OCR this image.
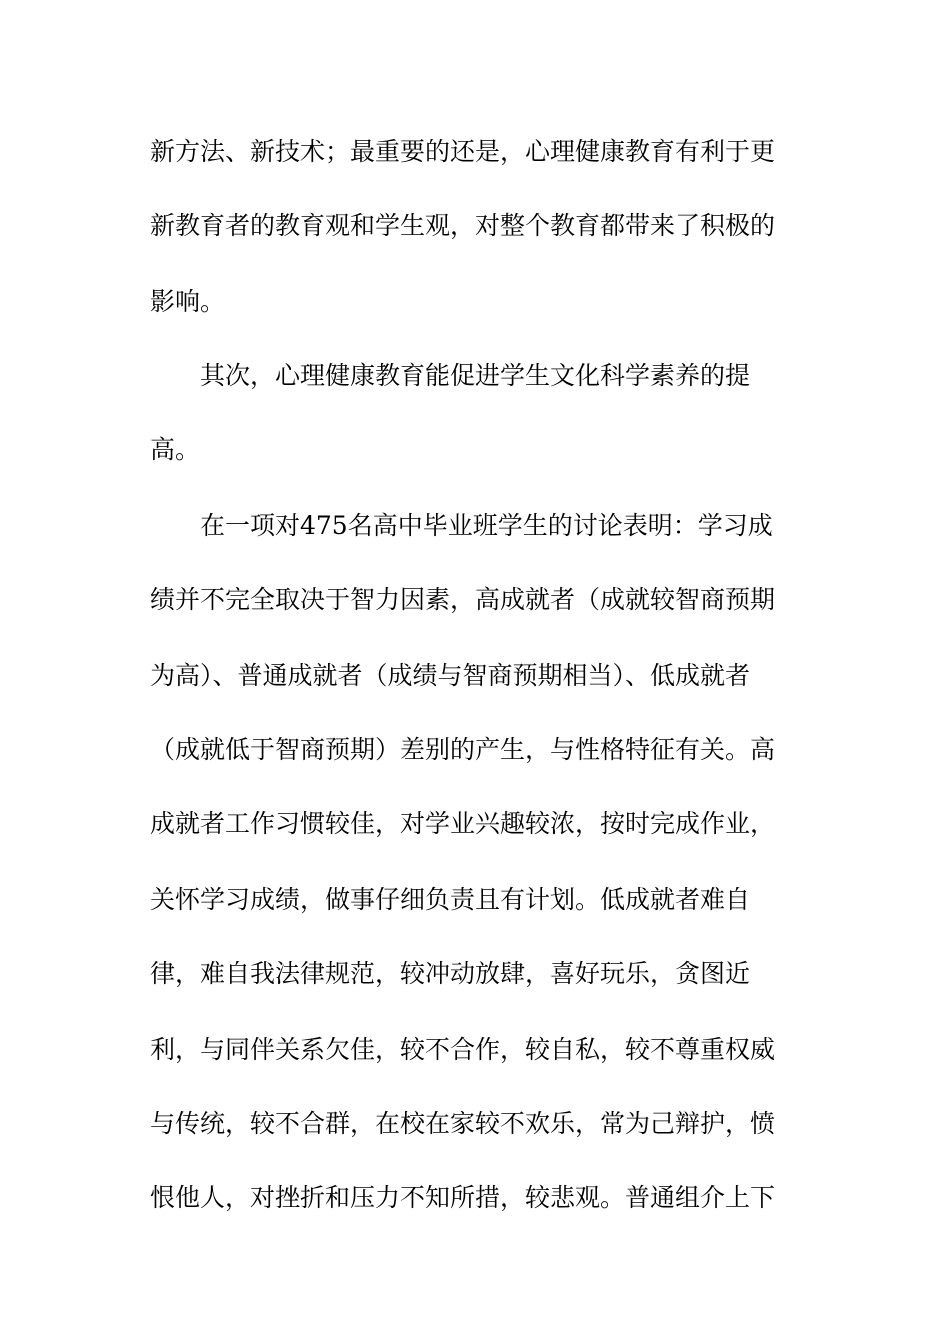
新方法、新技术；最重要的还是，心理健康教育有利于更
新教育者的教育观和学生观，对整个教育都带来了积极的
影响。
其次，心理健康教育能促进学生文化科学素养的提
高。
在一项对475名高中毕业班学生的讨论表明：学习成
绩并不完全取决于智力因素，高成就者（成就较智商预期
为高）、普通成就者（成绩与智商预期相当）、低成就者
（成就低于智商预期）差别的产生，与性格特征有关。高
成就者工作习惯较佳，对学业兴趣较浓，按时完成作业，
关怀学习成绩，做事仔细负责且有计划。低成就者难自
律，难自我法律规范，较冲动放肆，喜好玩乐，贪图近
利，与同伴关系欠佳，较不合作，较自私，较不尊重权威
与传统，较不合群，在校在家较不欢乐，常为己辩护，愤
恨他人，对挫折和压力不知所措，较悲观。普通组介上下
